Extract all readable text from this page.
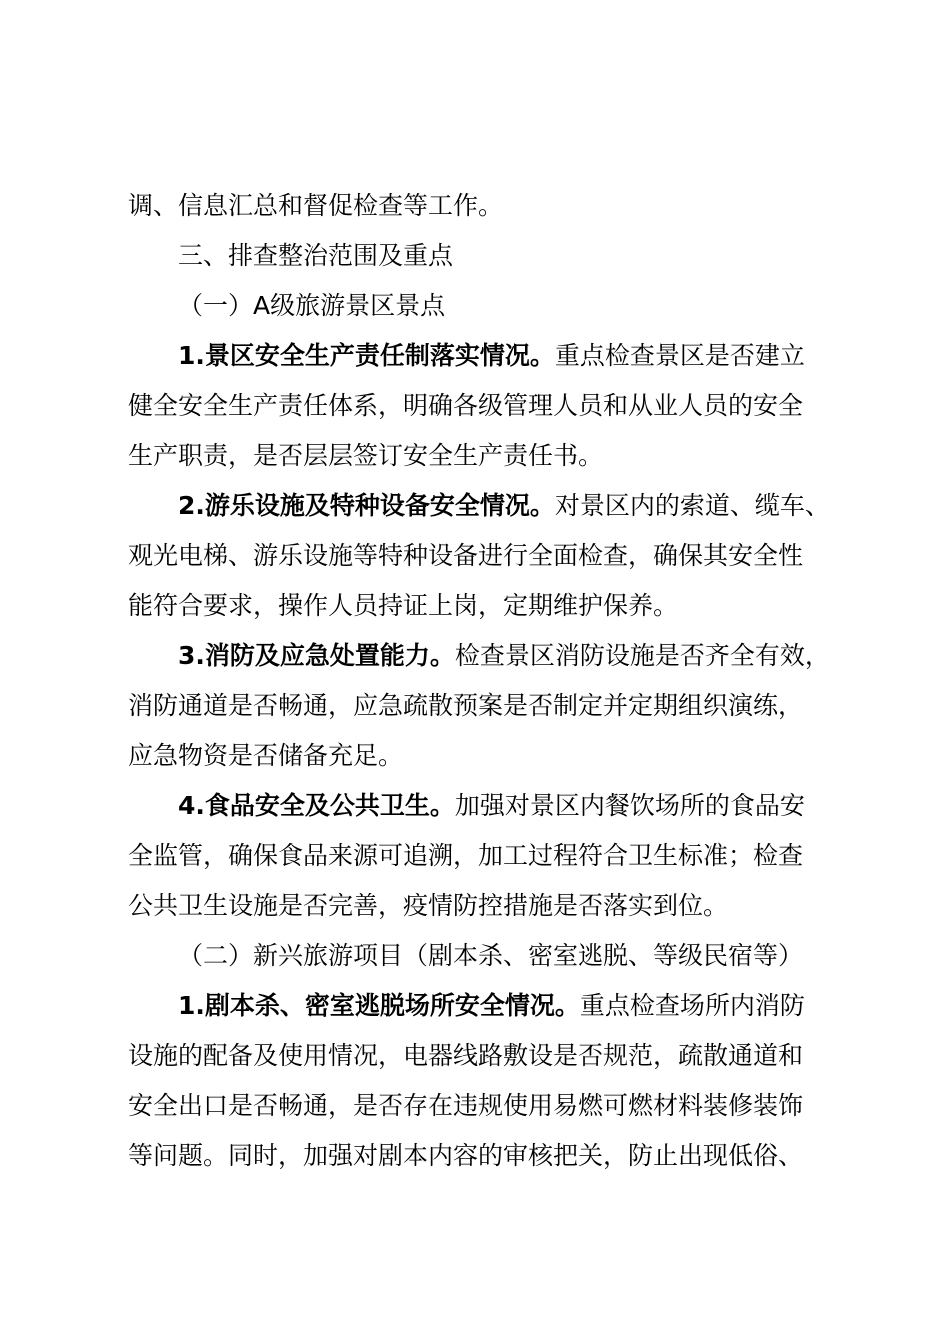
调、信息汇总和督促检查等工作。
三、排查整治范围及重点
（一）A级旅游景区景点
1.景区安全生产责任制落实情况。重点检查景区是否建立
健全安全生产责任体系，明确各级管理人员和从业人员的安全
生产职责，是否层层签订安全生产责任书。
2.游乐设施及特种设备安全情况。对景区内的索道、缆车、
观光电梯、游乐设施等特种设备进行全面检查，确保其安全性
能符合要求，操作人员持证上岗，定期维护保养。
3.消防及应急处置能力。检查景区消防设施是否齐全有效，
消防通道是否畅通，应急疏散预案是否制定并定期组织演练，
应急物资是否储备充足。
4.食品安全及公共卫生。加强对景区内餐饮场所的食品安
全监管，确保食品来源可追溯，加工过程符合卫生标准；检查
公共卫生设施是否完善，疫情防控措施是否落实到位。
（二）新兴旅游项目（剧本杀、密室逃脱、等级民宿等）
1.剧本杀、密室逃脱场所安全情况。重点检查场所内消防
设施的配备及使用情况，电器线路敷设是否规范，疏散通道和
安全出口是否畅通，是否存在违规使用易燃可燃材料装修装饰
等问题。同时，加强对剧本内容的审核把关，防止出现低俗、
